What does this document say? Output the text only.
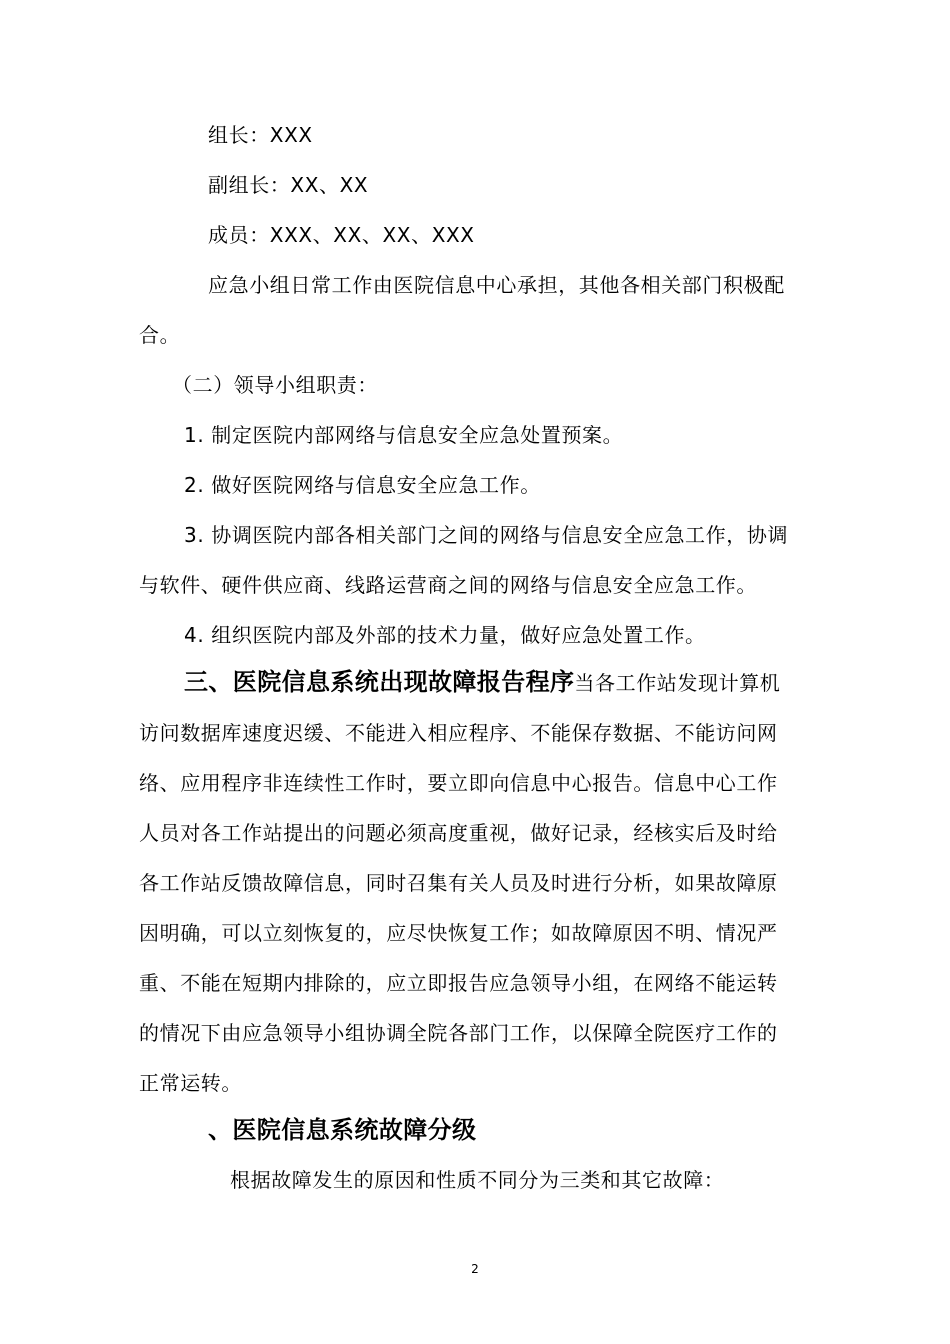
组长：XXX
副组长：XX、XX
成员：XXX、XX、XX、XXX
应急小组日常工作由医院信息中心承担，其他各相关部门积极配
合。
（二）领导小组职责：
1. 制定医院内部网络与信息安全应急处置预案。
2. 做好医院网络与信息安全应急工作。
3. 协调医院内部各相关部门之间的网络与信息安全应急工作，协调
与软件、硬件供应商、线路运营商之间的网络与信息安全应急工作。
4. 组织医院内部及外部的技术力量，做好应急处置工作。
三、医院信息系统出现故障报告程序当各工作站发现计算机
访问数据库速度迟缓、不能进入相应程序、不能保存数据、不能访问网
络、应用程序非连续性工作时，要立即向信息中心报告。信息中心工作
人员对各工作站提出的问题必须高度重视，做好记录，经核实后及时给
各工作站反馈故障信息，同时召集有关人员及时进行分析，如果故障原
因明确，可以立刻恢复的，应尽快恢复工作；如故障原因不明、情况严
重、不能在短期内排除的，应立即报告应急领导小组，在网络不能运转
的情况下由应急领导小组协调全院各部门工作，以保障全院医疗工作的
正常运转。
、医院信息系统故障分级
根据故障发生的原因和性质不同分为三类和其它故障：
2
